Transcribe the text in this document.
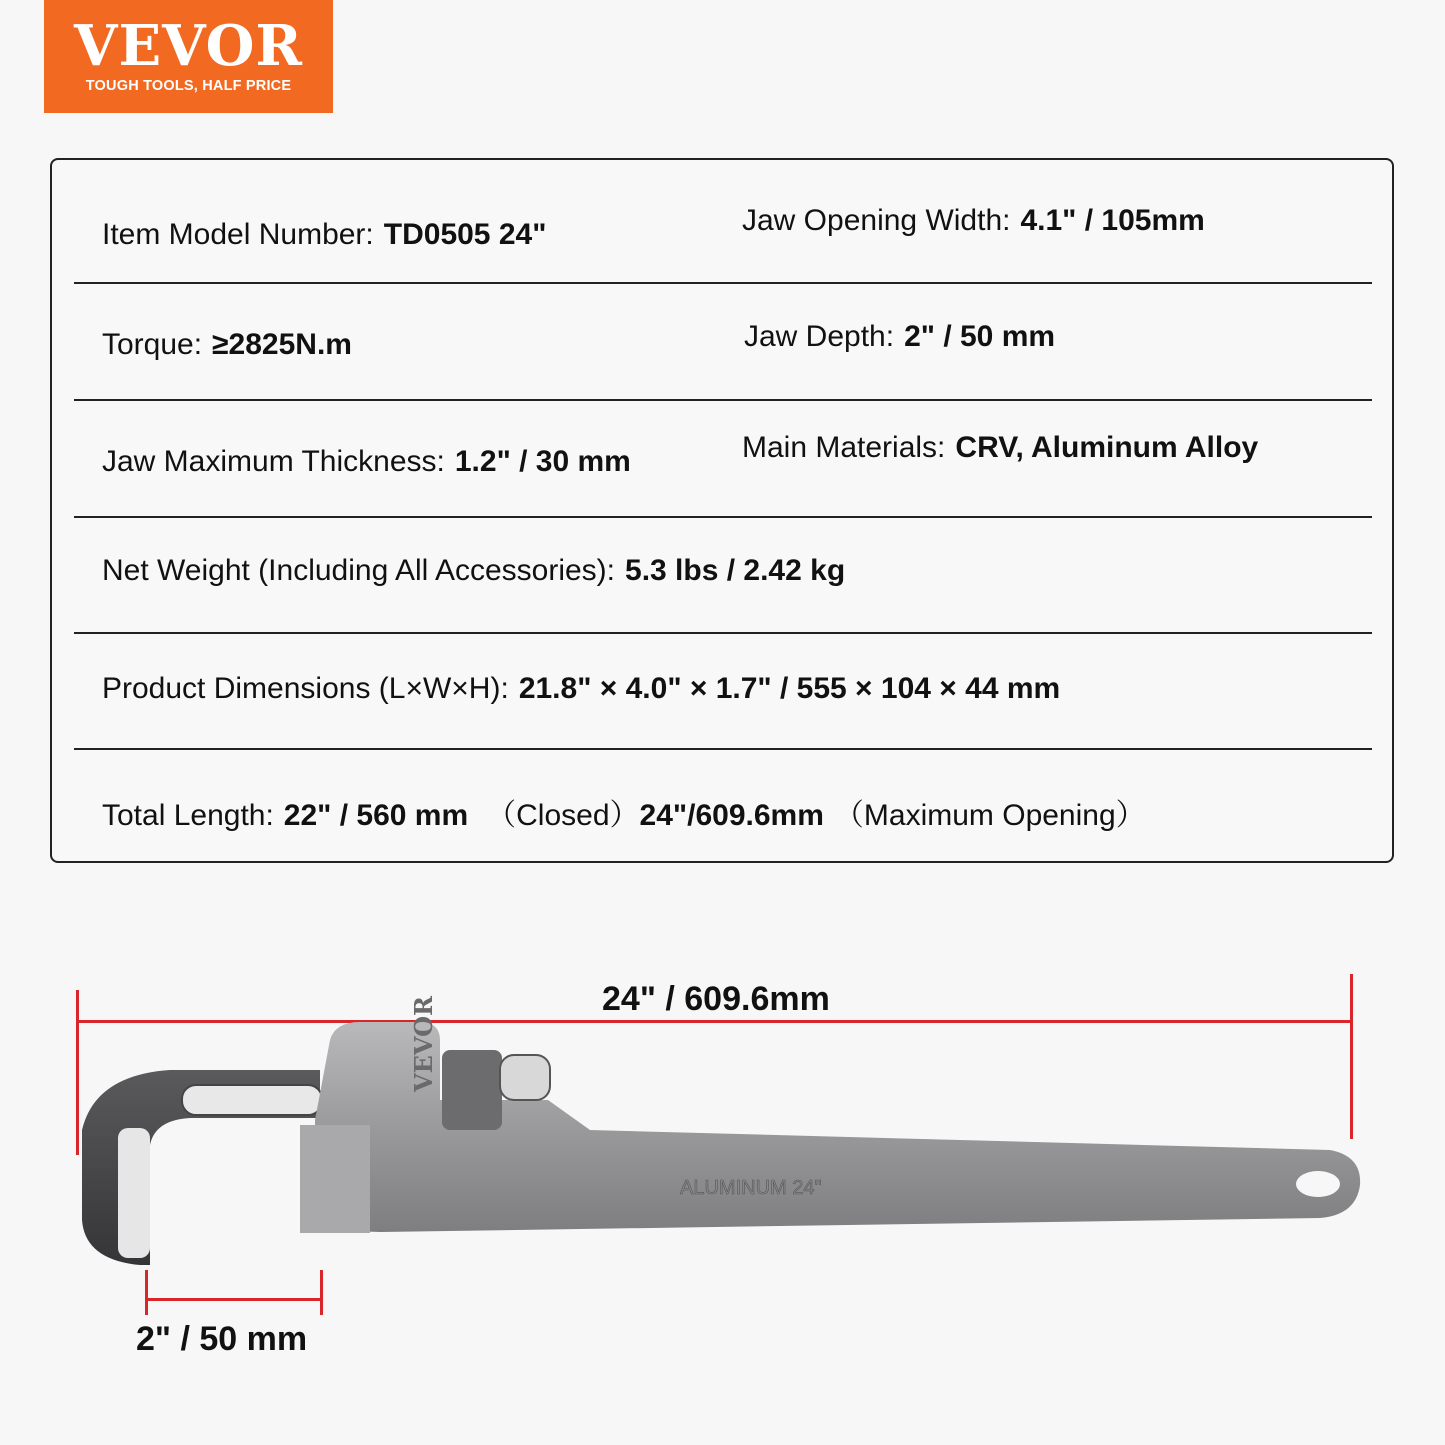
VEVOR
TOUGH TOOLS, HALF PRICE
Item Model Number: TD0505 24"	Jaw Opening Width: 4.1" / 105mm
Torque: ≥2825N.m	Jaw Depth: 2" / 50 mm
Jaw Maximum Thickness: 1.2" / 30 mm	Main Materials: CRV, Aluminum Alloy
Net Weight (Including All Accessories): 5.3 lbs / 2.42 kg
Product Dimensions (L×W×H): 21.8" × 4.0" × 1.7" / 555 × 104 × 44 mm
Total Length: 22" / 560 mm （Closed）24"/609.6mm （Maximum Opening）
24" / 609.6mm
VEVOR
ALUMINUM 24"
2" / 50 mm
